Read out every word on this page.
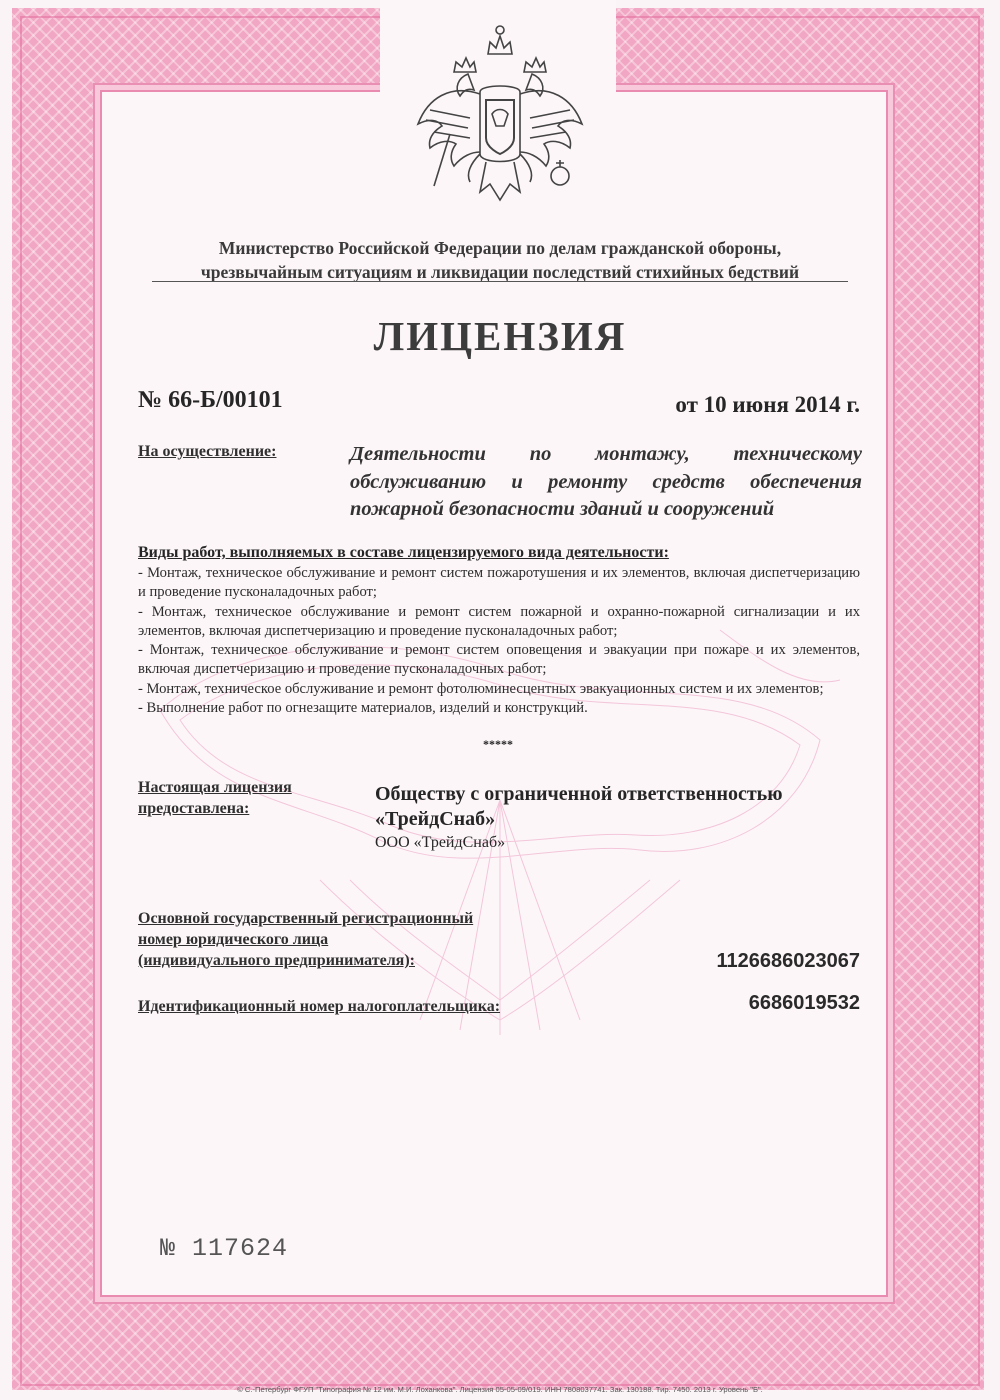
Министерство Российской Федерации по делам гражданской обороны,
чрезвычайным ситуациям и ликвидации последствий стихийных бедствий
ЛИЦЕНЗИЯ
№ 66-Б/00101	от 10 июня 2014 г.
На осуществление:	Деятельности по монтажу, техническому обслуживанию и ремонту средств обеспечения пожарной безопасности зданий и сооружений
Виды работ, выполняемых в составе лицензируемого вида деятельности:

- Монтаж, техническое обслуживание и ремонт систем пожаротушения и их элементов, включая диспетчеризацию и проведение пусконаладочных работ;

- Монтаж, техническое обслуживание и ремонт систем пожарной и охранно-пожарной сигнализации и их элементов, включая диспетчеризацию и проведение пусконаладочных работ;

- Монтаж, техническое обслуживание и ремонт систем оповещения и эвакуации при пожаре и их элементов, включая диспетчеризацию и проведение пусконаладочных работ;

- Монтаж, техническое обслуживание и ремонт фотолюминесцентных эвакуационных систем и их элементов;

- Выполнение работ по огнезащите материалов, изделий и конструкций.

*****
Настоящая лицензия
предоставлена:
Обществу с ограниченной ответственностью «ТрейдСнаб»
ООО «ТрейдСнаб»
Основной государственный регистрационный
номер юридического лица
(индивидуального предпринимателя):	1126686023067
Идентификационный номер налогоплательщика:	6686019532
№ 117624
© С.-Петербург ФГУП "Типография № 12 им. М.И. Лоханкова". Лицензия 05-05-09/019. ИНН 7808037741. Зак. 130188. Тир. 7450. 2013 г. Уровень "Б".
